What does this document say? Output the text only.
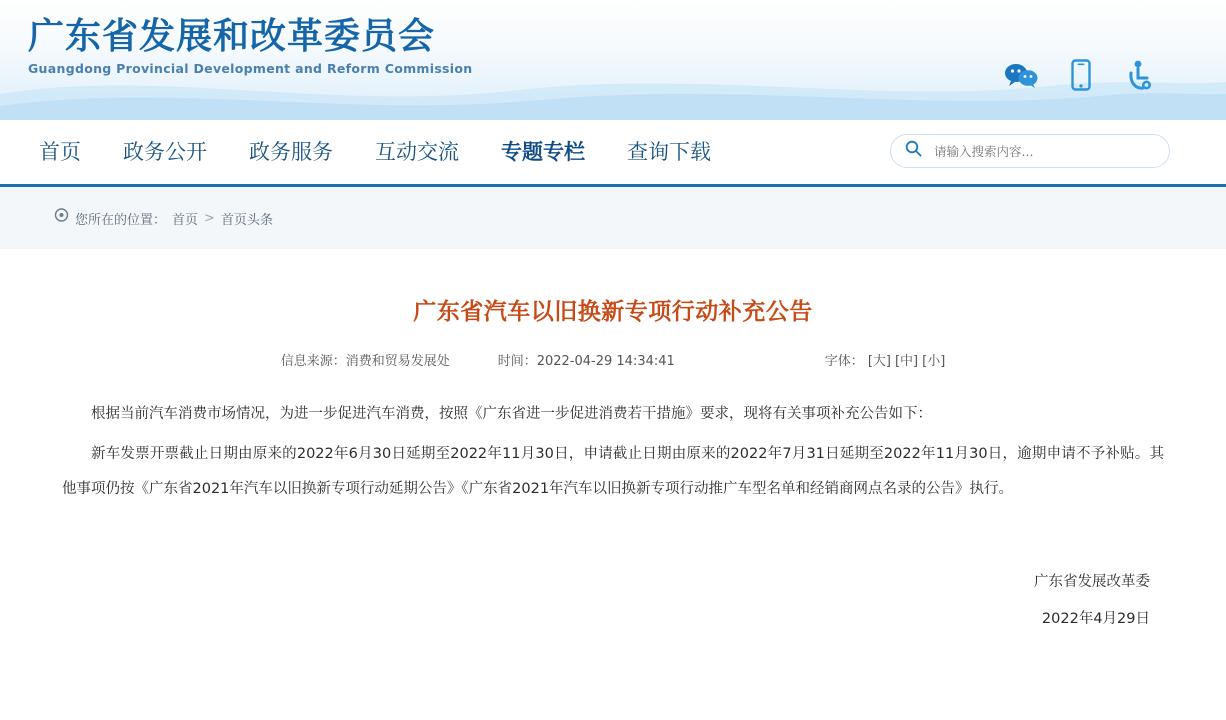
广东省发展和改革委员会
Guangdong Provincial Development and Reform Commission
首页	政务公开	政务服务	互动交流	专题专栏	查询下载
请输入搜索内容...
您所在的位置： 首页 > 首页头条
广东省汽车以旧换新专项行动补充公告
信息来源：消费和贸易发展处	时间：2022-04-29 14:34:41	字体： [大] [中] [小]

根据当前汽车消费市场情况，为进一步促进汽车消费，按照《广东省进一步促进消费若干措施》要求，现将有关事项补充公告如下：

新车发票开票截止日期由原来的2022年6月30日延期至2022年11月30日，申请截止日期由原来的2022年7月31日延期至2022年11月30日，逾期申请不予补贴。其他事项仍按《广东省2021年汽车以旧换新专项行动延期公告》《广东省2021年汽车以旧换新专项行动推广车型名单和经销商网点名录的公告》执行。

广东省发展改革委
2022年4月29日
